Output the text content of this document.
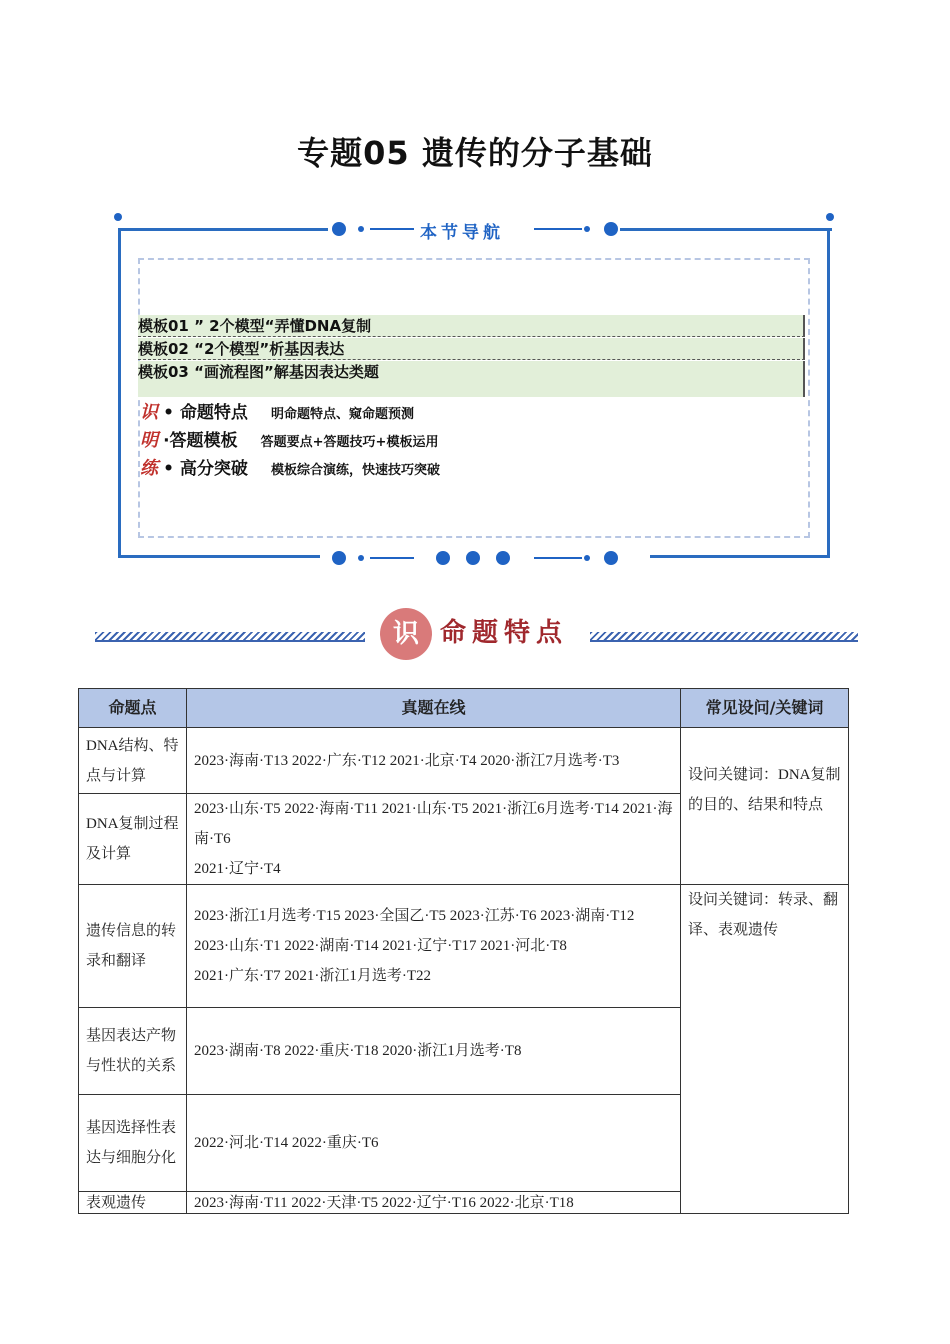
专题05 遗传的分子基础
本节导航
模板01 ” 2个模型“弄懂DNA复制
模板02 “2个模型”析基因表达
模板03 “画流程图”解基因表达类题
识 • 命题特点 明命题特点、窥命题预测
明 ·答题模板 答题要点+答题技巧+模板运用
练 • 高分突破 模板综合演练，快速技巧突破
识 命题特点
命题点	真题在线	常见设问/关键词
DNA结构、特点与计算	2023·海南·T13 2022·广东·T12 2021·北京·T4 2020·浙江7月选考·T3	设问关键词：DNA复制的目的、结果和特点
DNA复制过程及计算	2023·山东·T5 2022·海南·T11 2021·山东·T5 2021·浙江6月选考·T14 2021·海南·T6
2021·辽宁·T4	
遗传信息的转录和翻译	2023·浙江1月选考·T15 2023·全国乙·T5 2023·江苏·T6 2023·湖南·T12
2023·山东·T1 2022·湖南·T14 2021·辽宁·T17 2021·河北·T8
2021·广东·T7 2021·浙江1月选考·T22	设问关键词：转录、翻译、表观遗传
基因表达产物与性状的关系	2023·湖南·T8 2022·重庆·T18 2020·浙江1月选考·T8	
基因选择性表达与细胞分化	2022·河北·T14 2022·重庆·T6	
表观遗传	2023·海南·T11 2022·天津·T5 2022·辽宁·T16 2022·北京·T18	
